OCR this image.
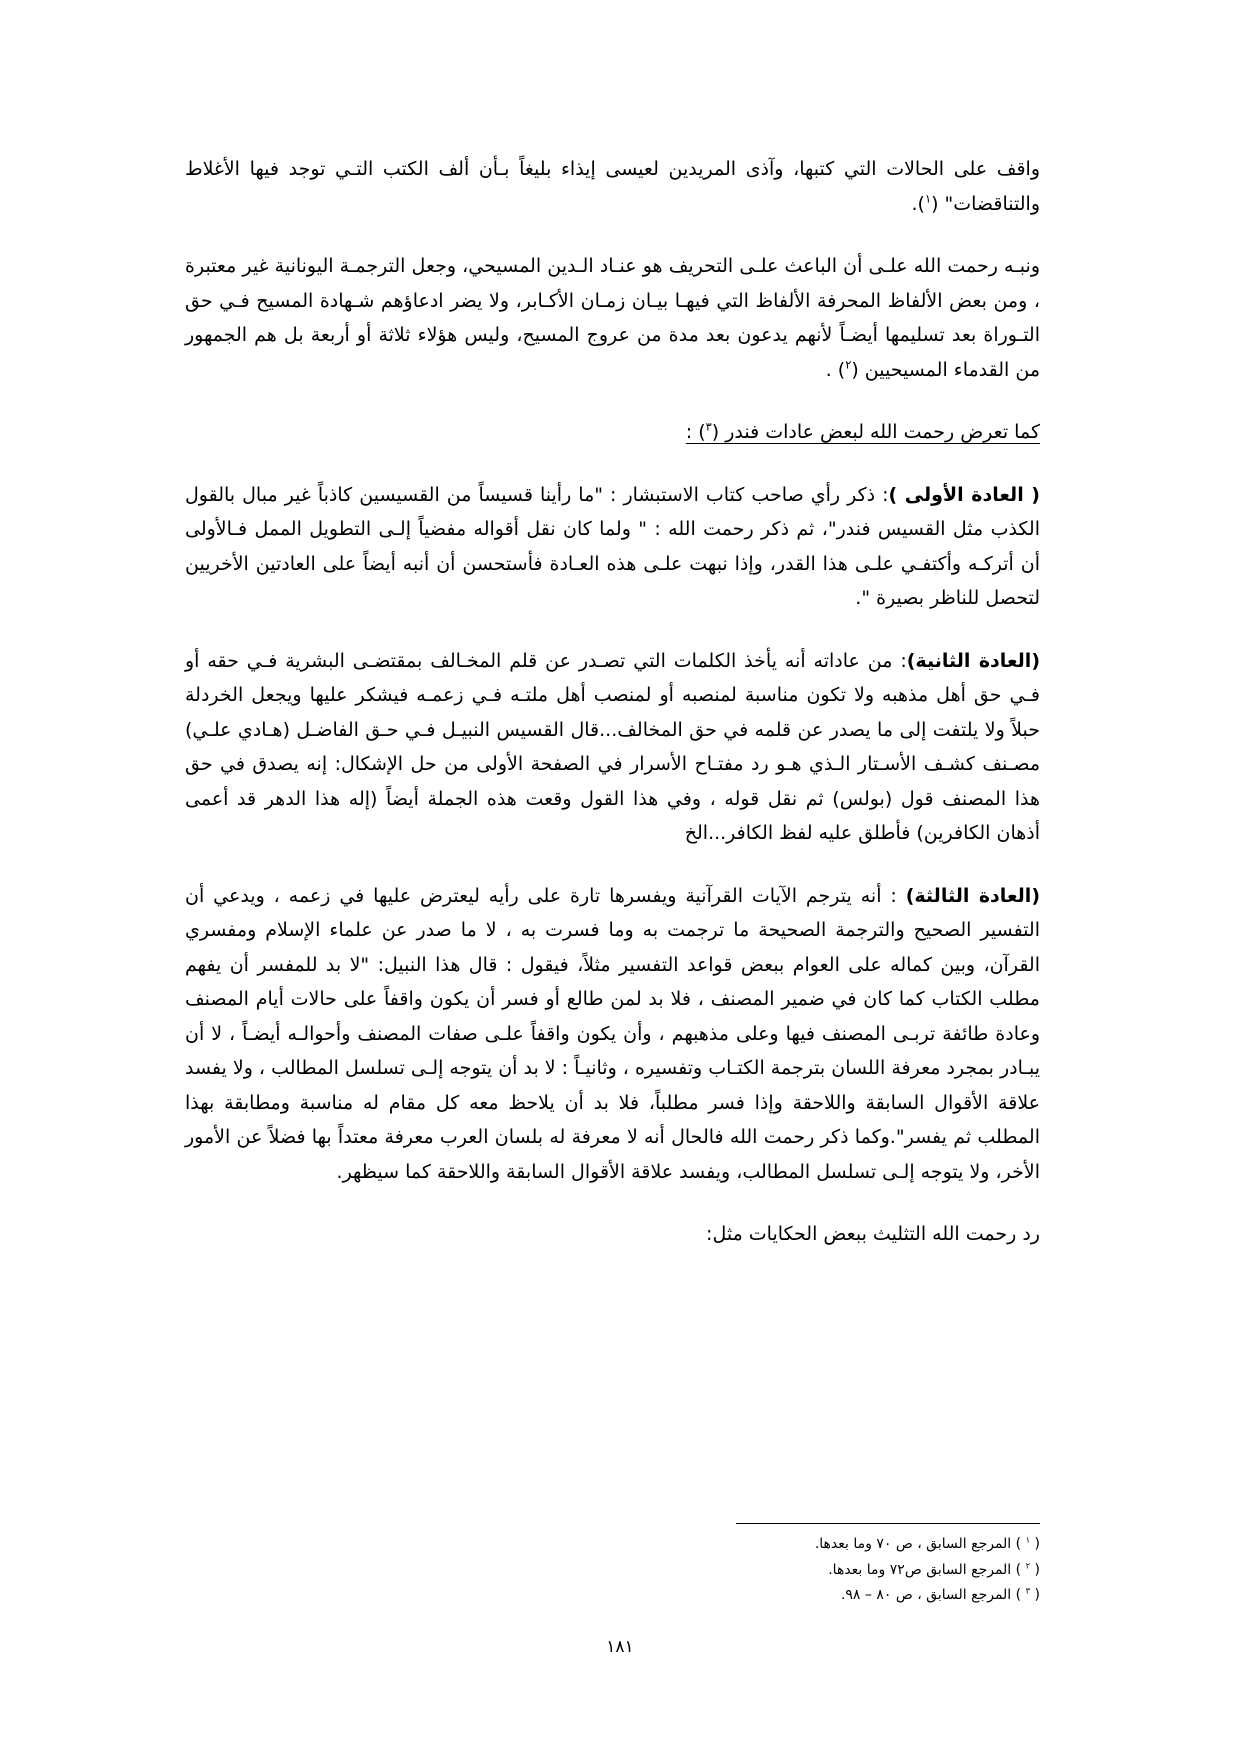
واقف على الحالات التي كتبها، وآذى المريدين لعيسى إيذاء بليغاً بـأن ألف الكتب التـي توجد فيها الأغلاط والتناقضات" ($^١$).

ونبـه رحمت الله علـى أن الباعث علـى التحريف هو عنـاد الـدين المسيحي، وجعل الترجمـة اليونانية غير معتبرة ، ومن بعض الألفاظ المحرفة الألفاظ التي فيهـا بيـان زمـان الأكـابر، ولا يضر ادعاؤهم شـهادة المسيح فـي حق التـوراة بعد تسليمها أيضـاً لأنهم يدعون بعد مدة من عروج المسيح، وليس هؤلاء ثلاثة أو أربعة بل هم الجمهور من القدماء المسيحيين ($^٢$) .

كما تعرض رحمت الله لبعض عادات فندر ($^٣$) :

( العادة الأولى ): ذكر رأي صاحب كتاب الاستبشار : "ما رأينا قسيساً من القسيسين كاذباً غير مبال بالقول الكذب مثل القسيس فندر"، ثم ذكر رحمت الله : " ولما كان نقل أقواله مفضياً إلـى التطويل الممل فـالأولى أن أتركـه وأكتفـي علـى هذا القدر، وإذا نبهت علـى هذه العـادة فأستحسن أن أنبه أيضاً على العادتين الأخريين لتحصل للناظر بصيرة ".

(العادة الثانية): من عاداته أنه يأخذ الكلمات التي تصـدر عن قلم المخـالف بمقتضـى البشرية فـي حقه أو فـي حق أهل مذهبه ولا تكون مناسبة لمنصبه أو لمنصب أهل ملتـه فـي زعمـه فيشكر عليها ويجعل الخردلة حبلاً ولا يلتفت إلى ما يصدر عن قلمه في حق المخالف...قال القسيس النبيـل فـي حـق الفاضـل (هـادي علـي) مصـنف كشـف الأسـتار الـذي هـو رد مفتـاح الأسرار في الصفحة الأولى من حل الإشكال: إنه يصدق في حق هذا المصنف قول (بولس) ثم نقل قوله ، وفي هذا القول وقعت هذه الجملة أيضاً (إله هذا الدهر قد أعمى أذهان الكافرين) فأطلق عليه لفظ الكافر...الخ

(العادة الثالثة) : أنه يترجم الآيات القرآنية ويفسرها تارة على رأيه ليعترض عليها في زعمه ، ويدعي أن التفسير الصحيح والترجمة الصحيحة ما ترجمت به وما فسرت به ، لا ما صدر عن علماء الإسلام ومفسري القرآن، وبين كماله على العوام ببعض قواعد التفسير مثلاً، فيقول : قال هذا النبيل: "لا بد للمفسر أن يفهم مطلب الكتاب كما كان في ضمير المصنف ، فلا بد لمن طالع أو فسر أن يكون واقفاً على حالات أيام المصنف وعادة طائفة تربـى المصنف فيها وعلى مذهبهم ، وأن يكون واقفاً علـى صفات المصنف وأحوالـه أيضـاً ، لا أن يبـادر بمجرد معرفة اللسان بترجمة الكتـاب وتفسيره ، وثانيـاً : لا بد أن يتوجه إلـى تسلسل المطالب ، ولا يفسد علاقة الأقوال السابقة واللاحقة وإذا فسر مطلباً، فلا بد أن يلاحظ معه كل مقام له مناسبة ومطابقة بهذا المطلب ثم يفسر".وكما ذكر رحمت الله فالحال أنه لا معرفة له بلسان العرب معرفة معتداً بها فضلاً عن الأمور الأخر، ولا يتوجه إلـى تسلسل المطالب، ويفسد علاقة الأقوال السابقة واللاحقة كما سيظهر.

رد رحمت الله التثليث ببعض الحكايات مثل:

( $^١$ ) المرجع السابق ، ص ٧٠ وما بعدها.
( $^٢$ ) المرجع السابق ص٧٢ وما بعدها.
( $^٣$ ) المرجع السابق ، ص ٨٠ – ٩٨.
١٨١
